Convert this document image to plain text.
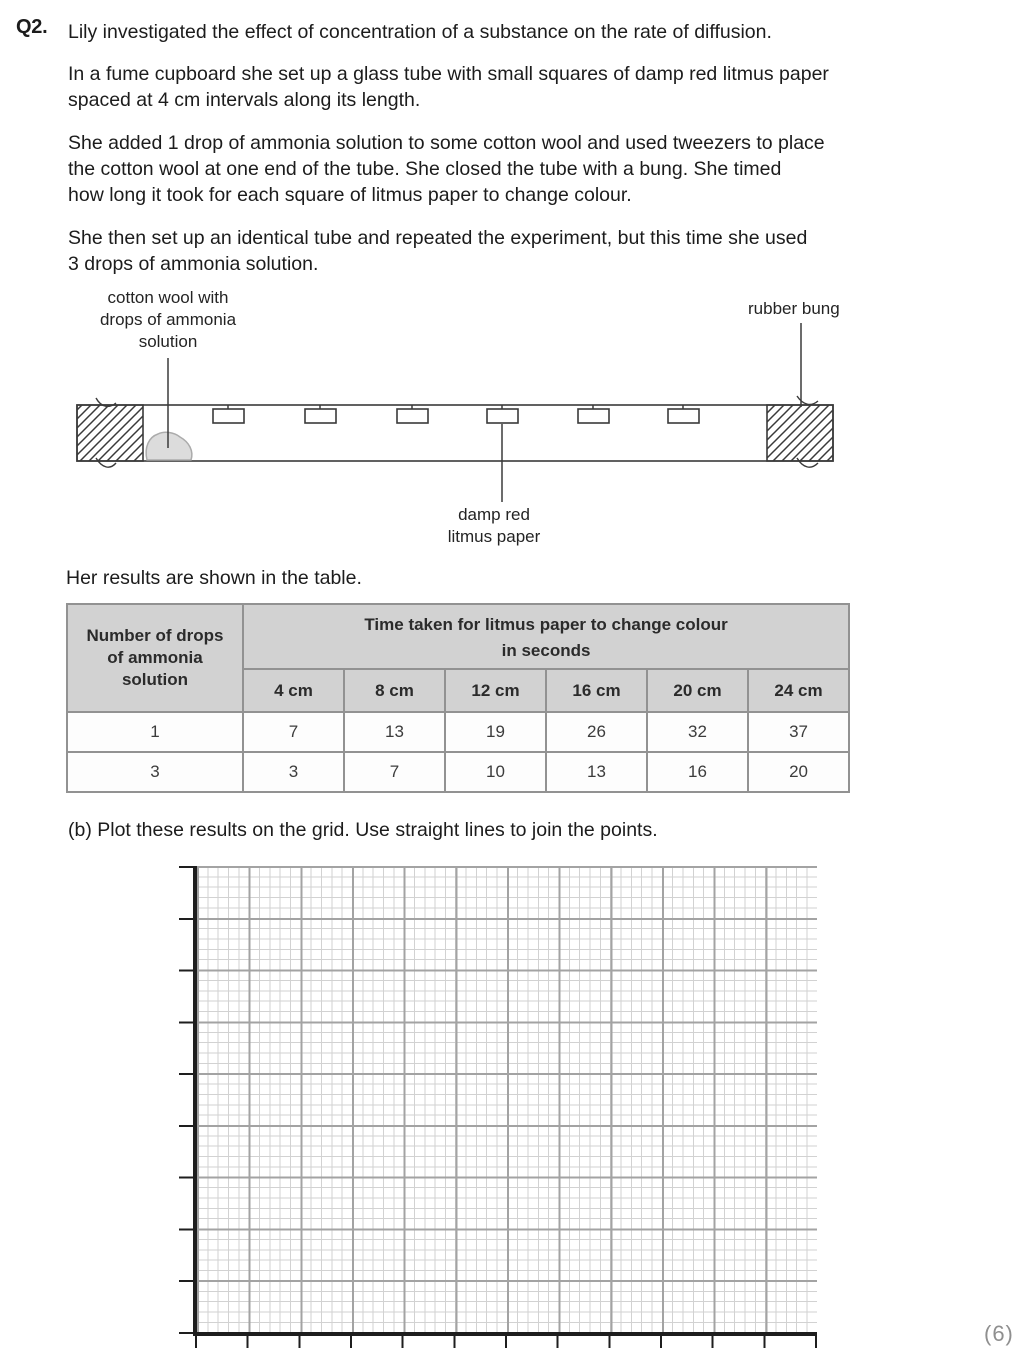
Q2. Lily investigated the effect of concentration of a substance on the rate of diffusion.
In a fume cupboard she set up a glass tube with small squares of damp red litmus paper
spaced at 4 cm intervals along its length.
She added 1 drop of ammonia solution to some cotton wool and used tweezers to place
the cotton wool at one end of the tube. She closed the tube with a bung. She timed
how long it took for each square of litmus paper to change colour.
She then set up an identical tube and repeated the experiment, but this time she used
3 drops of ammonia solution.
cotton wool with
drops of ammonia
solution
rubber bung
damp red
litmus paper
Her results are shown in the table.
Number of drops of ammonia solution	Time taken for litmus paper to change colour
in seconds					

	4 cm	8 cm	12 cm	16 cm	20 cm	24 cm
1	7	13	19	26	32	37
3	3	7	10	13	16	20
(b) Plot these results on the grid. Use straight lines to join the points.
(6)
